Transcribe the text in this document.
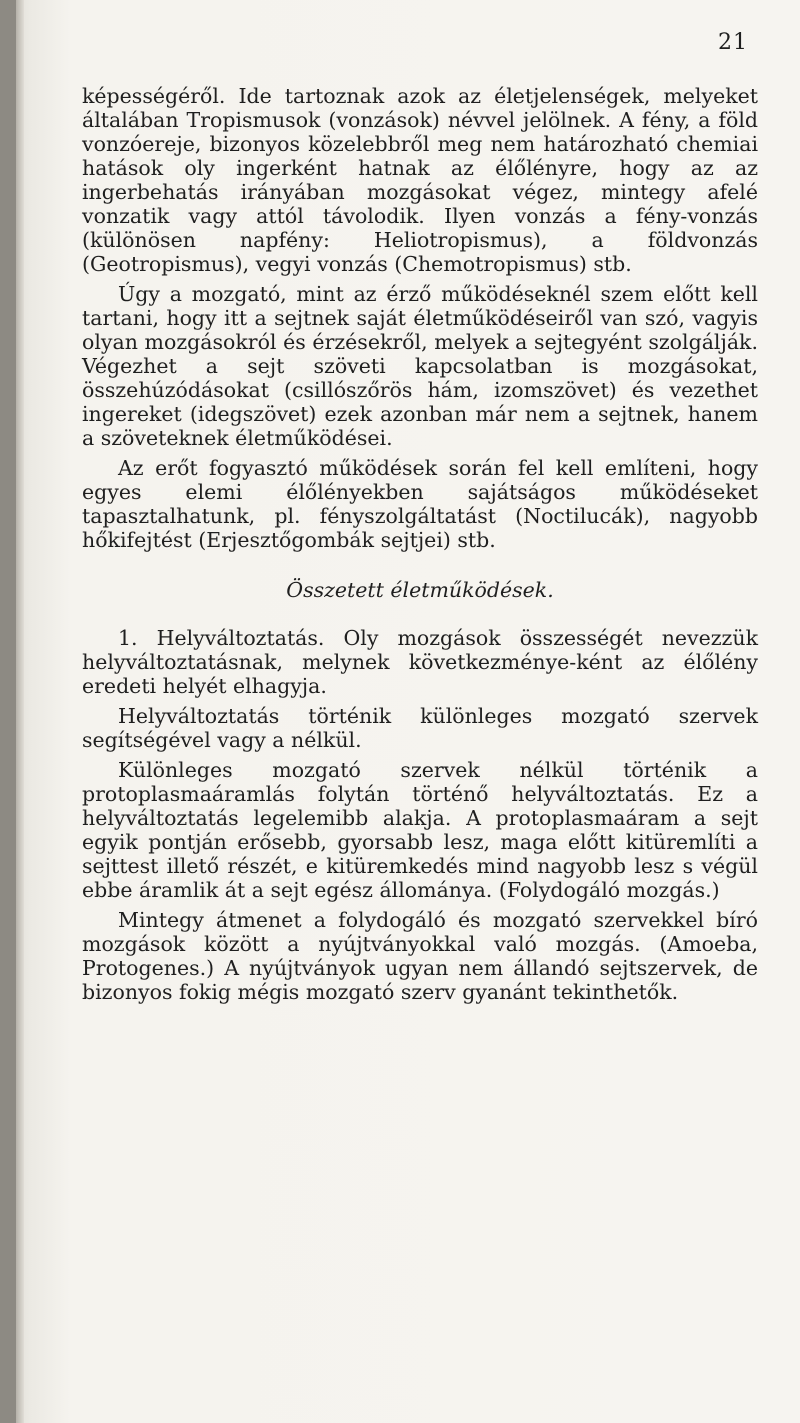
21

képességéről. Ide tartoznak azok az életjelenségek, melyeket általában Tropismusok (vonzások) névvel jelölnek. A fény, a föld vonzóereje, bizonyos közelebbről meg nem határozható chemiai hatások oly ingerként hatnak az élőlényre, hogy az az ingerbehatás irányában mozgásokat végez, mintegy afelé vonzatik vagy attól távolodik. Ilyen vonzás a fény-vonzás (különösen napfény: Heliotropismus), a földvonzás (Geotropismus), vegyi vonzás (Chemotropismus) stb.

Úgy a mozgató, mint az érző működéseknél szem előtt kell tartani, hogy itt a sejtnek saját életműködéseiről van szó, vagyis olyan mozgásokról és érzésekről, melyek a sejtegyént szolgálják. Végezhet a sejt szöveti kapcsolatban is mozgásokat, összehúzódásokat (csillószőrös hám, izomszövet) és vezethet ingereket (idegszövet) ezek azonban már nem a sejtnek, hanem a szöveteknek életműködései.

Az erőt fogyasztó működések során fel kell említeni, hogy egyes elemi élőlényekben sajátságos működéseket tapasztalhatunk, pl. fényszolgáltatást (Noctilucák), nagyobb hőkifejtést (Erjesztőgombák sejtjei) stb.

Összetett életműködések.

1. Helyváltoztatás. Oly mozgások összességét nevezzük helyváltoztatásnak, melynek következménye-ként az élőlény eredeti helyét elhagyja.

Helyváltoztatás történik különleges mozgató szervek segítségével vagy a nélkül.

Különleges mozgató szervek nélkül történik a protoplasmaáramlás folytán történő helyváltoztatás. Ez a helyváltoztatás legelemibb alakja. A protoplasmaáram a sejt egyik pontján erősebb, gyorsabb lesz, maga előtt kitüremlíti a sejttest illető részét, e kitüremkedés mind nagyobb lesz s végül ebbe áramlik át a sejt egész állománya. (Folydogáló mozgás.)

Mintegy átmenet a folydogáló és mozgató szervekkel bíró mozgások között a nyújtványokkal való mozgás. (Amoeba, Protogenes.) A nyújtványok ugyan nem állandó sejtszervek, de bizonyos fokig mégis mozgató szerv gyanánt tekinthetők.
